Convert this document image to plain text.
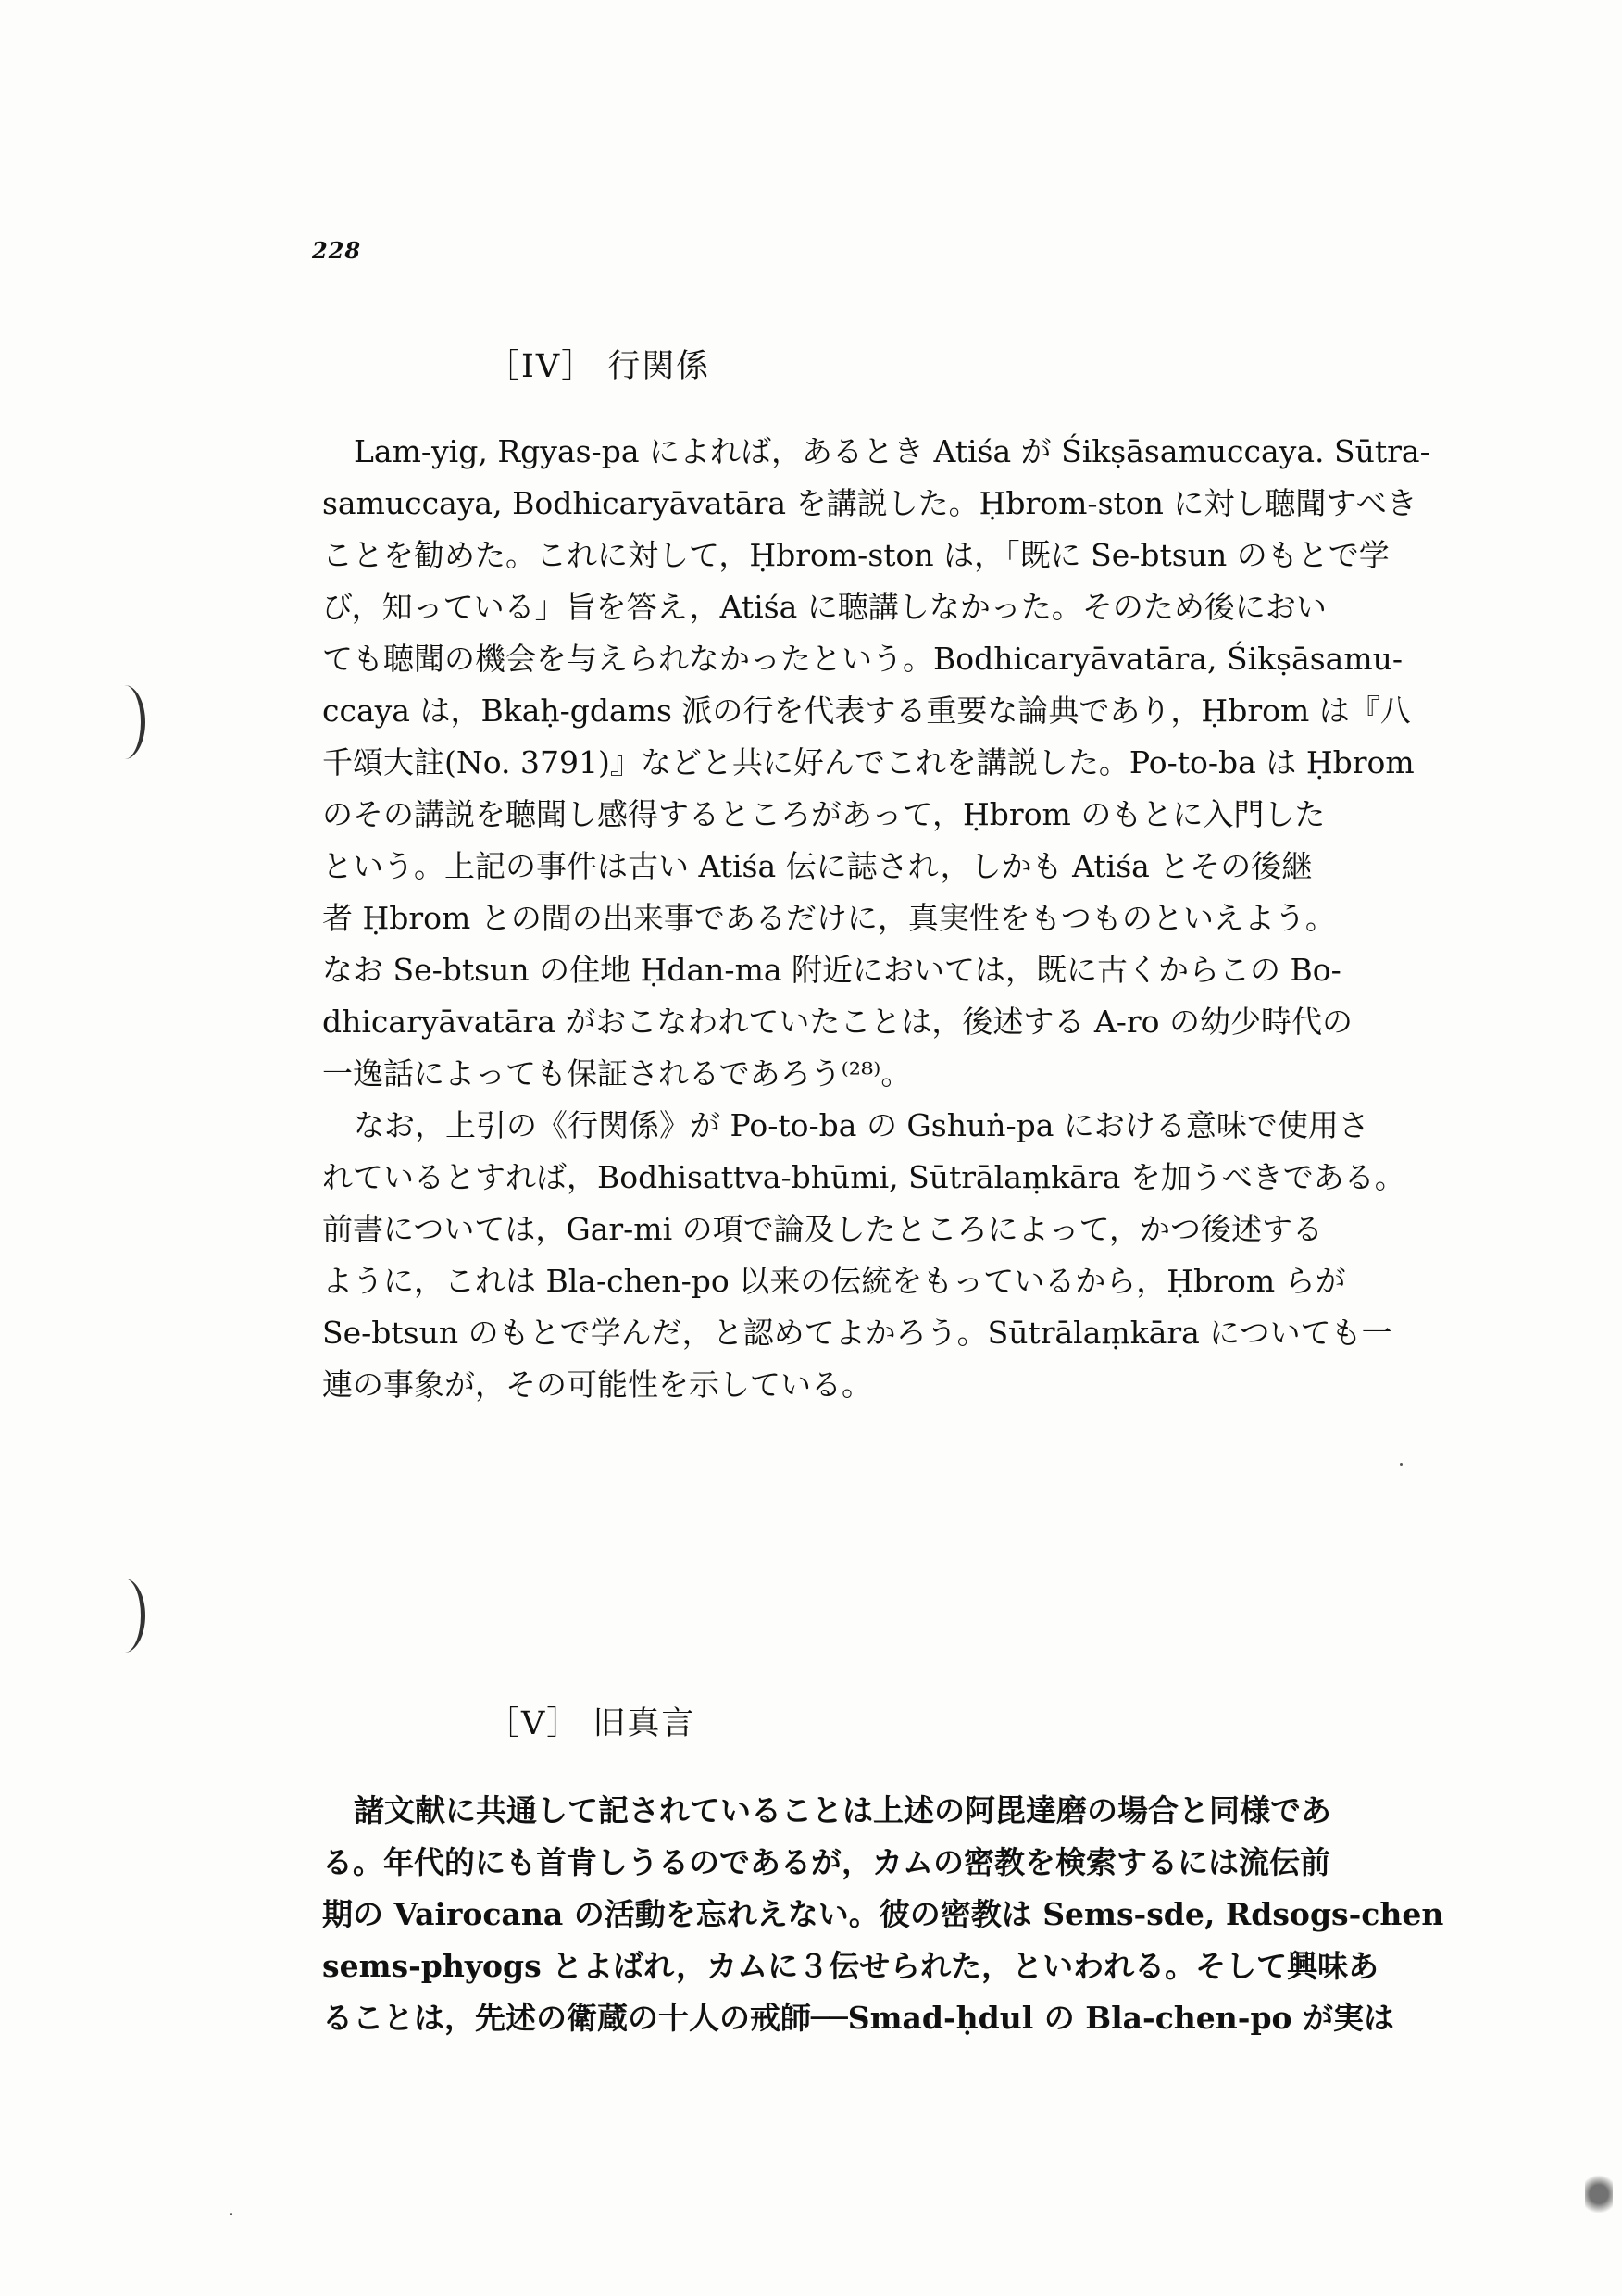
228
［IV］ 行関係
Lam-yig, Rgyas-pa によれば，あるとき Atiśa が Śikṣāsamuccaya. Sūtra-
samuccaya, Bodhicaryāvatāra を講説した。Ḥbrom-ston に対し聴聞すべき
ことを勧めた。これに対して，Ḥbrom-ston は，「既に Se-btsun のもとで学
び，知っている」旨を答え，Atiśa に聴講しなかった。そのため後におい
ても聴聞の機会を与えられなかったという。Bodhicaryāvatāra, Śikṣāsamu-
ccaya は，Bkaḥ-gdams 派の行を代表する重要な論典であり，Ḥbrom は『八
千頌大註(No. 3791)』などと共に好んでこれを講説した。Po-to-ba は Ḥbrom
のその講説を聴聞し感得するところがあって，Ḥbrom のもとに入門した
という。上記の事件は古い Atiśa 伝に誌され，しかも Atiśa とその後継
者 Ḥbrom との間の出来事であるだけに，真実性をもつものといえよう。
なお Se-btsun の住地 Ḥdan-ma 附近においては，既に古くからこの Bo-
dhicaryāvatāra がおこなわれていたことは，後述する A-ro の幼少時代の
一逸話によっても保証されるであろう⁽²⁸⁾。
なお，上引の《行関係》が Po-to-ba の Gshuṅ-pa における意味で使用さ
れているとすれば，Bodhisattva-bhūmi, Sūtrālaṃkāra を加うべきである。
前書については，Gar-mi の項で論及したところによって，かつ後述する
ように，これは Bla-chen-po 以来の伝統をもっているから，Ḥbrom らが
Se-btsun のもとで学んだ，と認めてよかろう。Sūtrālaṃkāra についても一
連の事象が，その可能性を示している。
［V］ 旧真言
諸文献に共通して記されていることは上述の阿毘達磨の場合と同様であ
る。年代的にも首肯しうるのであるが，カムの密教を検索するには流伝前
期の Vairocana の活動を忘れえない。彼の密教は Sems-sde, Rdsogs-chen
sems-phyogs とよばれ，カムに３伝せられた，といわれる。そして興味あ
ることは，先述の衛蔵の十人の戒師──Smad-ḥdul の Bla-chen-po が実は
